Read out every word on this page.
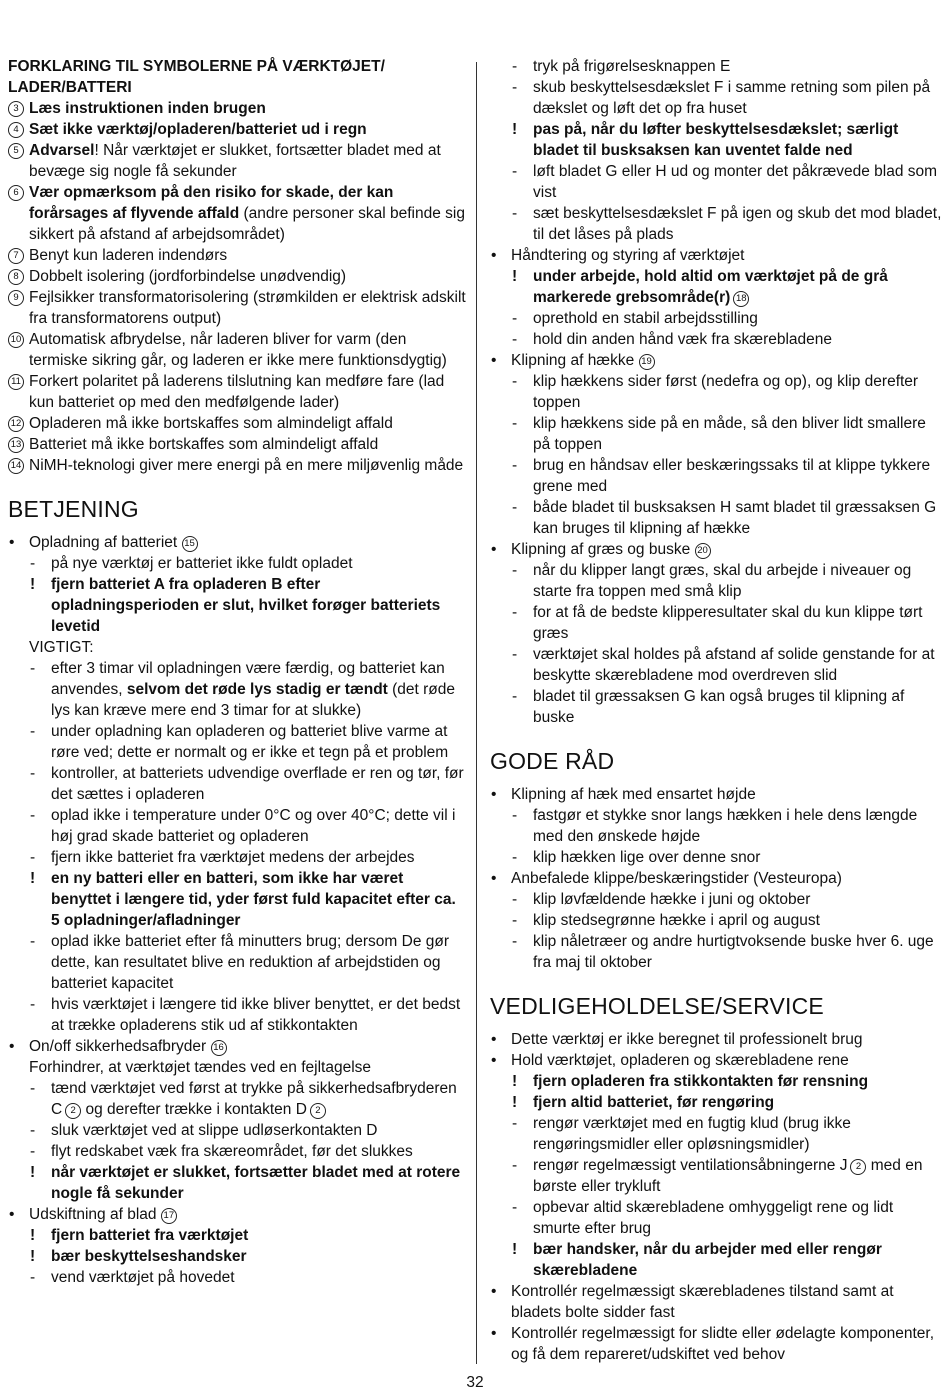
FORKLARING TIL SYMBOLERNE PÅ VÆRKTØJET/ LADER/BATTERI
3 Læs instruktionen inden brugen
4 Sæt ikke værktøj/opladeren/batteriet ud i regn
5 Advarsel! Når værktøjet er slukket, fortsætter bladet med at bevæge sig nogle få sekunder
6 Vær opmærksom på den risiko for skade, der kan forårsages af flyvende affald (andre personer skal befinde sig sikkert på afstand af arbejdsområdet)
7 Benyt kun laderen indendørs
8 Dobbelt isolering (jordforbindelse unødvendig)
9 Fejlsikker transformatorisolering (strømkilden er elektrisk adskilt fra transformatorens output)
10 Automatisk afbrydelse, når laderen bliver for varm (den termiske sikring går, og laderen er ikke mere funktionsdygtig)
11 Forkert polaritet på laderens tilslutning kan medføre fare (lad kun batteriet op med den medfølgende lader)
12 Opladeren må ikke bortskaffes som almindeligt affald
13 Batteriet må ikke bortskaffes som almindeligt affald
14 NiMH-teknologi giver mere energi på en mere miljøvenlig måde
BETJENING
• Opladning af batteriet 15
- på nye værktøj er batteriet ikke fuldt opladet
! fjern batteriet A fra opladeren B efter opladningsperioden er slut, hvilket forøger batteriets levetid
VIGTIGT:
- efter 3 timar vil opladningen være færdig, og batteriet kan anvendes, selvom det røde lys stadig er tændt (det røde lys kan kræve mere end 3 timar for at slukke)
- under opladning kan opladeren og batteriet blive varme at røre ved; dette er normalt og er ikke et tegn på et problem
- kontroller, at batteriets udvendige overflade er ren og tør, før det sættes i opladeren
- oplad ikke i temperature under 0°C og over 40°C; dette vil i høj grad skade batteriet og opladeren
- fjern ikke batteriet fra værktøjet medens der arbejdes
! en ny batteri eller en batteri, som ikke har været benyttet i længere tid, yder først fuld kapacitet efter ca. 5 opladninger/afladninger
- oplad ikke batteriet efter få minutters brug; dersom De gør dette, kan resultatet blive en reduktion af arbejdstiden og batteriet kapacitet
- hvis værktøjet i længere tid ikke bliver benyttet, er det bedst at trække opladerens stik ud af stikkontakten
• On/off sikkerhedsafbryder 16
Forhindrer, at værktøjet tændes ved en fejltagelse
- tænd værktøjet ved først at trykke på sikkerhedsafbryderen C 2 og derefter trække i kontakten D 2
- sluk værktøjet ved at slippe udløserkontakten D
- flyt redskabet væk fra skæreområdet, før det slukkes
! når værktøjet er slukket, fortsætter bladet med at rotere nogle få sekunder
• Udskiftning af blad 17
! fjern batteriet fra værktøjet
! bær beskyttelseshandsker
- vend værktøjet på hovedet
- tryk på frigørelsesknappen E
- skub beskyttelsesdækslet F i samme retning som pilen på dækslet og løft det op fra huset
! pas på, når du løfter beskyttelsesdækslet; særligt bladet til busksaksen kan uventet falde ned
- løft bladet G eller H ud og monter det påkrævede blad som vist
- sæt beskyttelsesdækslet F på igen og skub det mod bladet, til det låses på plads
• Håndtering og styring af værktøjet
! under arbejde, hold altid om værktøjet på de grå markerede grebsområde(r) 18
- oprethold en stabil arbejdsstilling
- hold din anden hånd væk fra skærebladene
• Klipning af hække 19
- klip hækkens sider først (nedefra og op), og klip derefter toppen
- klip hækkens side på en måde, så den bliver lidt smallere på toppen
- brug en håndsav eller beskæringssaks til at klippe tykkere grene med
- både bladet til busksaksen H samt bladet til græssaksen G kan bruges til klipning af hække
• Klipning af græs og buske 20
- når du klipper langt græs, skal du arbejde i niveauer og starte fra toppen med små klip
- for at få de bedste klipperesultater skal du kun klippe tørt græs
- værktøjet skal holdes på afstand af solide genstande for at beskytte skærebladene mod overdreven slid
- bladet til græssaksen G kan også bruges til klipning af buske
GODE RÅD
• Klipning af hæk med ensartet højde
- fastgør et stykke snor langs hækken i hele dens længde med den ønskede højde
- klip hækken lige over denne snor
• Anbefalede klippe/beskæringstider (Vesteuropa)
- klip løvfældende hække i juni og oktober
- klip stedsegrønne hække i april og august
- klip nåletræer og andre hurtigtvoksende buske hver 6. uge fra maj til oktober
VEDLIGEHOLDELSE/SERVICE
• Dette værktøj er ikke beregnet til professionelt brug
• Hold værktøjet, opladeren og skærebladene rene
! fjern opladeren fra stikkontakten før rensning
! fjern altid batteriet, før rengøring
- rengør værktøjet med en fugtig klud (brug ikke rengøringsmidler eller opløsningsmidler)
- rengør regelmæssigt ventilationsåbningerne J 2 med en børste eller trykluft
- opbevar altid skærebladene omhyggeligt rene og lidt smurte efter brug
! bær handsker, når du arbejder med eller rengør skærebladene
• Kontrollér regelmæssigt skærebladenes tilstand samt at bladets bolte sidder fast
• Kontrollér regelmæssigt for slidte eller ødelagte komponenter, og få dem repareret/udskiftet ved behov
32
